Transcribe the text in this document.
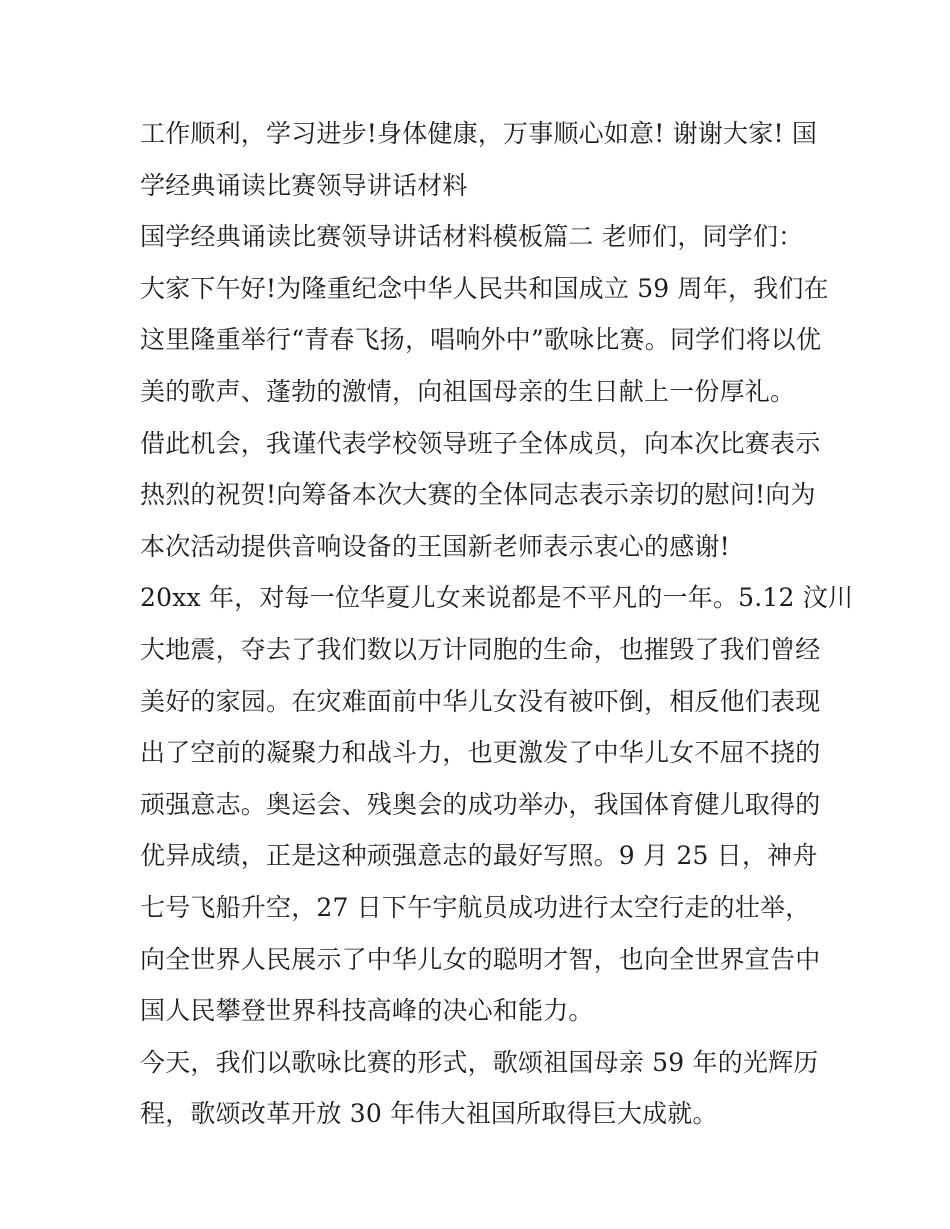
工作顺利，学习进步!身体健康，万事顺心如意! 谢谢大家! 国
学经典诵读比赛领导讲话材料
国学经典诵读比赛领导讲话材料模板篇二 老师们，同学们：
大家下午好!为隆重纪念中华人民共和国成立 59 周年，我们在
这里隆重举行“青春飞扬，唱响外中”歌咏比赛。同学们将以优
美的歌声、蓬勃的激情，向祖国母亲的生日献上一份厚礼。
借此机会，我谨代表学校领导班子全体成员，向本次比赛表示
热烈的祝贺!向筹备本次大赛的全体同志表示亲切的慰问!向为
本次活动提供音响设备的王国新老师表示衷心的感谢!
20xx 年，对每一位华夏儿女来说都是不平凡的一年。5.12 汶川
大地震，夺去了我们数以万计同胞的生命，也摧毁了我们曾经
美好的家园。在灾难面前中华儿女没有被吓倒，相反他们表现
出了空前的凝聚力和战斗力，也更激发了中华儿女不屈不挠的
顽强意志。奥运会、残奥会的成功举办，我国体育健儿取得的
优异成绩，正是这种顽强意志的最好写照。9 月 25 日，神舟
七号飞船升空，27 日下午宇航员成功进行太空行走的壮举，
向全世界人民展示了中华儿女的聪明才智，也向全世界宣告中
国人民攀登世界科技高峰的决心和能力。
今天，我们以歌咏比赛的形式，歌颂祖国母亲 59 年的光辉历
程，歌颂改革开放 30 年伟大祖国所取得巨大成就。
